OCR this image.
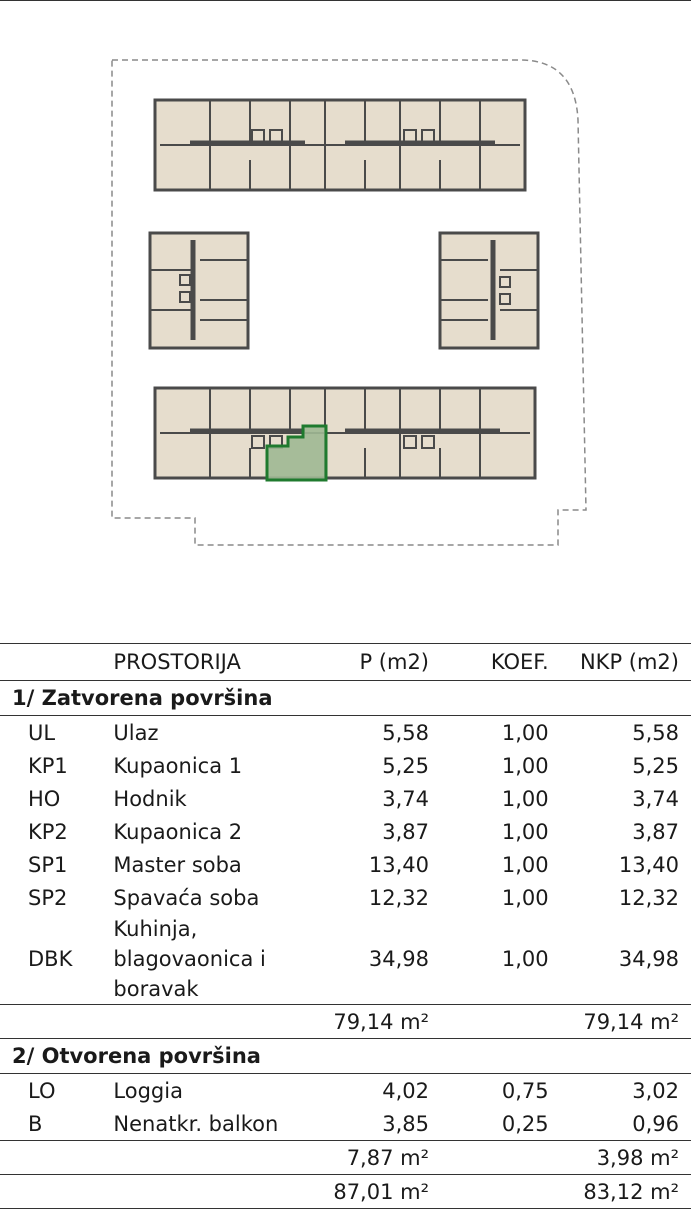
	PROSTORIJA	P (m2)	KOEF.	NKP (m2)
1/ Zatvorena površina				
UL	Ulaz	5,58	1,00	5,58
KP1	Kupaonica 1	5,25	1,00	5,25
HO	Hodnik	3,74	1,00	3,74
KP2	Kupaonica 2	3,87	1,00	3,87
SP1	Master soba	13,40	1,00	13,40
SP2	Spavaća soba	12,32	1,00	12,32
DBK	Kuhinja,
blagovaonica i
boravak	34,98	1,00	34,98
		79,14 m²		79,14 m²
2/ Otvorena površina				
LO	Loggia	4,02	0,75	3,02
B	Nenatkr. balkon	3,85	0,25	0,96
		7,87 m²		3,98 m²
		87,01 m²		83,12 m²
